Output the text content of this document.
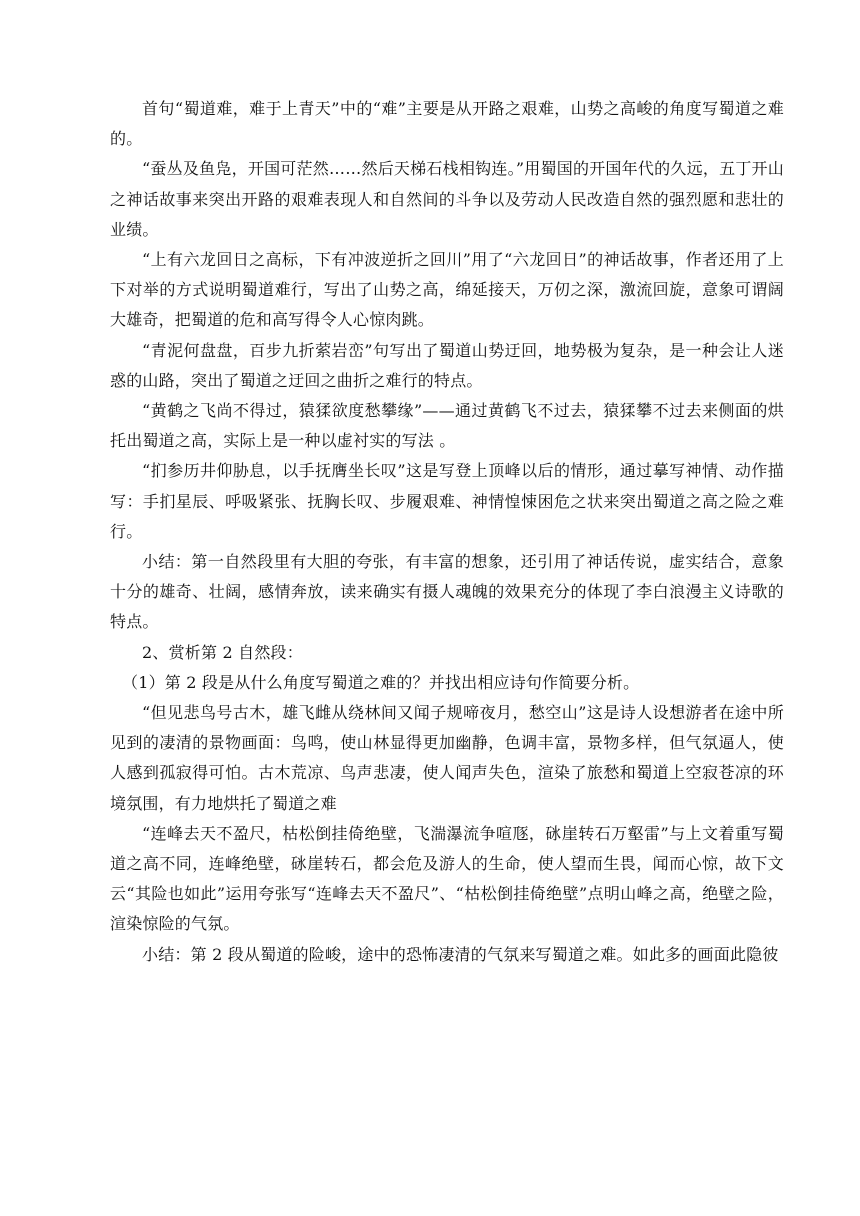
首句“蜀道难，难于上青天”中的“难”主要是从开路之艰难，山势之高峻的角度写蜀道之难的。

“蚕丛及鱼凫，开国可茫然……然后天梯石栈相钩连。”用蜀国的开国年代的久远，五丁开山之神话故事来突出开路的艰难表现人和自然间的斗争以及劳动人民改造自然的强烈愿和悲壮的业绩。

“上有六龙回日之高标，下有冲波逆折之回川”用了“六龙回日”的神话故事，作者还用了上下对举的方式说明蜀道难行，写出了山势之高，绵延接天，万仞之深，激流回旋，意象可谓阔大雄奇，把蜀道的危和高写得令人心惊肉跳。

“青泥何盘盘，百步九折萦岩峦”句写出了蜀道山势迂回，地势极为复杂，是一种会让人迷惑的山路，突出了蜀道之迂回之曲折之难行的特点。

“黄鹤之飞尚不得过，猿猱欲度愁攀缘”——通过黄鹤飞不过去，猿猱攀不过去来侧面的烘托出蜀道之高，实际上是一种以虚衬实的写法 。

“扪参历井仰胁息，以手抚膺坐长叹”这是写登上顶峰以后的情形，通过摹写神情、动作描写：手扪星辰、呼吸紧张、抚胸长叹、步履艰难、神情惶悚困危之状来突出蜀道之高之险之难行。

小结：第一自然段里有大胆的夸张，有丰富的想象，还引用了神话传说，虚实结合，意象十分的雄奇、壮阔，感情奔放，读来确实有摄人魂魄的效果充分的体现了李白浪漫主义诗歌的特点。

2、赏析第 2 自然段：

（1）第 2 段是从什么角度写蜀道之难的？并找出相应诗句作简要分析。

“但见悲鸟号古木，雄飞雌从绕林间又闻子规啼夜月，愁空山”这是诗人设想游者在途中所见到的凄清的景物画面：鸟鸣，使山林显得更加幽静，色调丰富，景物多样，但气氛逼人，使人感到孤寂得可怕。古木荒凉、鸟声悲凄，使人闻声失色，渲染了旅愁和蜀道上空寂苍凉的环境氛围，有力地烘托了蜀道之难

“连峰去天不盈尺，枯松倒挂倚绝壁，飞湍瀑流争喧豗，砯崖转石万壑雷”与上文着重写蜀道之高不同，连峰绝壁，砯崖转石，都会危及游人的生命，使人望而生畏，闻而心惊，故下文云“其险也如此”运用夸张写“连峰去天不盈尺”、“枯松倒挂倚绝壁”点明山峰之高，绝壁之险，渲染惊险的气氛。

小结：第 2 段从蜀道的险峻，途中的恐怖凄清的气氛来写蜀道之难。如此多的画面此隐彼
